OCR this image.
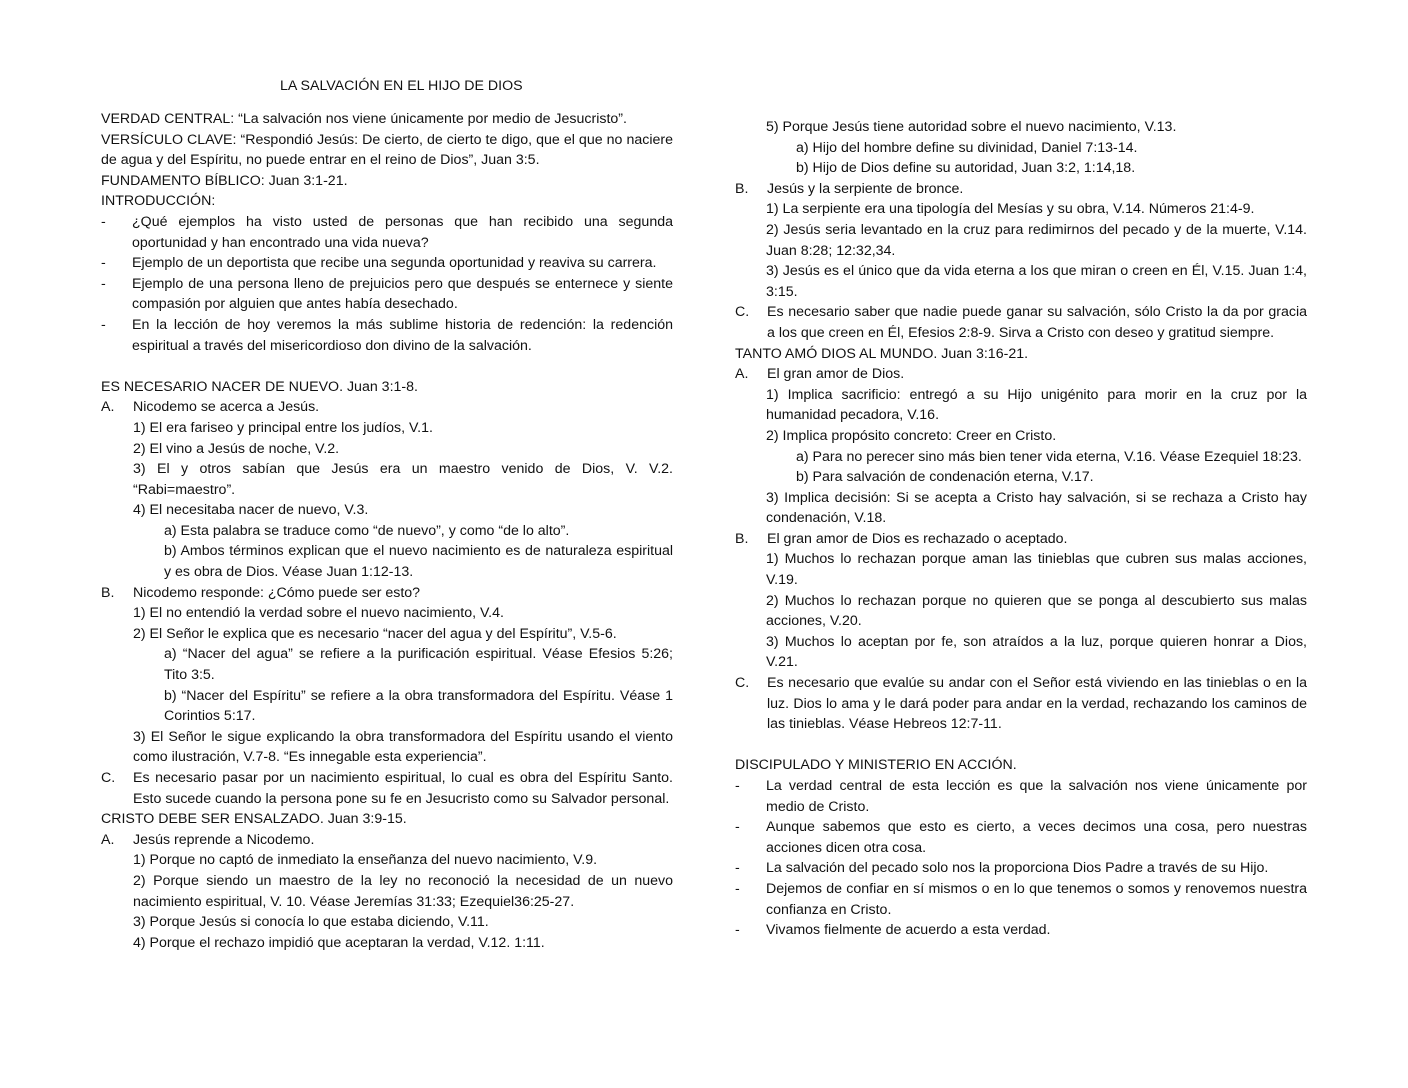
LA SALVACIÓN EN EL HIJO DE DIOS

VERDAD CENTRAL: “La salvación nos viene únicamente por medio de Jesucristo”.

VERSÍCULO CLAVE: “Respondió Jesús: De cierto, de cierto te digo, que el que no naciere de agua y del Espíritu, no puede entrar en el reino de Dios”, Juan 3:5.

FUNDAMENTO BÍBLICO: Juan 3:1-21.

INTRODUCCIÓN:

-	¿Qué ejemplos ha visto usted de personas que han recibido una segunda oportunidad y han encontrado una vida nueva?
-	Ejemplo de un deportista que recibe una segunda oportunidad y reaviva su carrera.
-	Ejemplo de una persona lleno de prejuicios pero que después se enternece y siente compasión por alguien que antes había desechado.
-	En la lección de hoy veremos la más sublime historia de redención: la redención espiritual a través del misericordioso don divino de la salvación.

ES NECESARIO NACER DE NUEVO. Juan 3:1-8.

A.	Nicodemo se acerca a Jesús.
1) El era fariseo y principal entre los judíos, V.1.
2) El vino a Jesús de noche, V.2.
3) El y otros sabían que Jesús era un maestro venido de Dios, V. V.2. “Rabi=maestro”.
4) El necesitaba nacer de nuevo, V.3.
a) Esta palabra se traduce como “de nuevo”, y como “de lo alto”.
b) Ambos términos explican que el nuevo nacimiento es de naturaleza espiritual y es obra de Dios. Véase Juan 1:12-13.
B.	Nicodemo responde: ¿Cómo puede ser esto?
1) El no entendió la verdad sobre el nuevo nacimiento, V.4.
2) El Señor le explica que es necesario “nacer del agua y del Espíritu”, V.5-6.
a) “Nacer del agua” se refiere a la purificación espiritual. Véase Efesios 5:26; Tito 3:5.
b) “Nacer del Espíritu” se refiere a la obra transformadora del Espíritu. Véase 1 Corintios 5:17.
3) El Señor le sigue explicando la obra transformadora del Espíritu usando el viento como ilustración, V.7-8. “Es innegable esta experiencia”.
C.	Es necesario pasar por un nacimiento espiritual, lo cual es obra del Espíritu Santo. Esto sucede cuando la persona pone su fe en Jesucristo como su Salvador personal.

CRISTO DEBE SER ENSALZADO. Juan 3:9-15.

A.	Jesús reprende a Nicodemo.
1) Porque no captó de inmediato la enseñanza del nuevo nacimiento, V.9.
2) Porque siendo un maestro de la ley no reconoció la necesidad de un nuevo nacimiento espiritual, V. 10. Véase Jeremías 31:33; Ezequiel36:25-27.
3) Porque Jesús si conocía lo que estaba diciendo, V.11.
4) Porque el rechazo impidió que aceptaran la verdad, V.12. 1:11.
5) Porque Jesús tiene autoridad sobre el nuevo nacimiento, V.13.
a) Hijo del hombre define su divinidad, Daniel 7:13-14.
b) Hijo de Dios define su autoridad, Juan 3:2, 1:14,18.
B.	Jesús y la serpiente de bronce.
1) La serpiente era una tipología del Mesías y su obra, V.14. Números 21:4-9.
2) Jesús seria levantado en la cruz para redimirnos del pecado y de la muerte, V.14. Juan 8:28; 12:32,34.
3) Jesús es el único que da vida eterna a los que miran o creen en Él, V.15. Juan 1:4, 3:15.
C.	Es necesario saber que nadie puede ganar su salvación, sólo Cristo la da por gracia a los que creen en Él, Efesios 2:8-9. Sirva a Cristo con deseo y gratitud siempre.

TANTO AMÓ DIOS AL MUNDO. Juan 3:16-21.

A.	El gran amor de Dios.
1) Implica sacrificio: entregó a su Hijo unigénito para morir en la cruz por la humanidad pecadora, V.16.
2) Implica propósito concreto: Creer en Cristo.
a) Para no perecer sino más bien tener vida eterna, V.16. Véase Ezequiel 18:23.
b) Para salvación de condenación eterna, V.17.
3) Implica decisión: Si se acepta a Cristo hay salvación, si se rechaza a Cristo hay condenación, V.18.
B.	El gran amor de Dios es rechazado o aceptado.
1) Muchos lo rechazan porque aman las tinieblas que cubren sus malas acciones, V.19.
2) Muchos lo rechazan porque no quieren que se ponga al descubierto sus malas acciones, V.20.
3) Muchos lo aceptan por fe, son atraídos a la luz, porque quieren honrar a Dios, V.21.
C.	Es necesario que evalúe su andar con el Señor está viviendo en las tinieblas o en la luz. Dios lo ama y le dará poder para andar en la verdad, rechazando los caminos de las tinieblas. Véase Hebreos 12:7-11.

DISCIPULADO Y MINISTERIO EN ACCIÓN.

-	La verdad central de esta lección es que la salvación nos viene únicamente por medio de Cristo.
-	Aunque sabemos que esto es cierto, a veces decimos una cosa, pero nuestras acciones dicen otra cosa.
-	La salvación del pecado solo nos la proporciona Dios Padre a través de su Hijo.
-	Dejemos de confiar en sí mismos o en lo que tenemos o somos y renovemos nuestra confianza en Cristo.
-	Vivamos fielmente de acuerdo a esta verdad.
